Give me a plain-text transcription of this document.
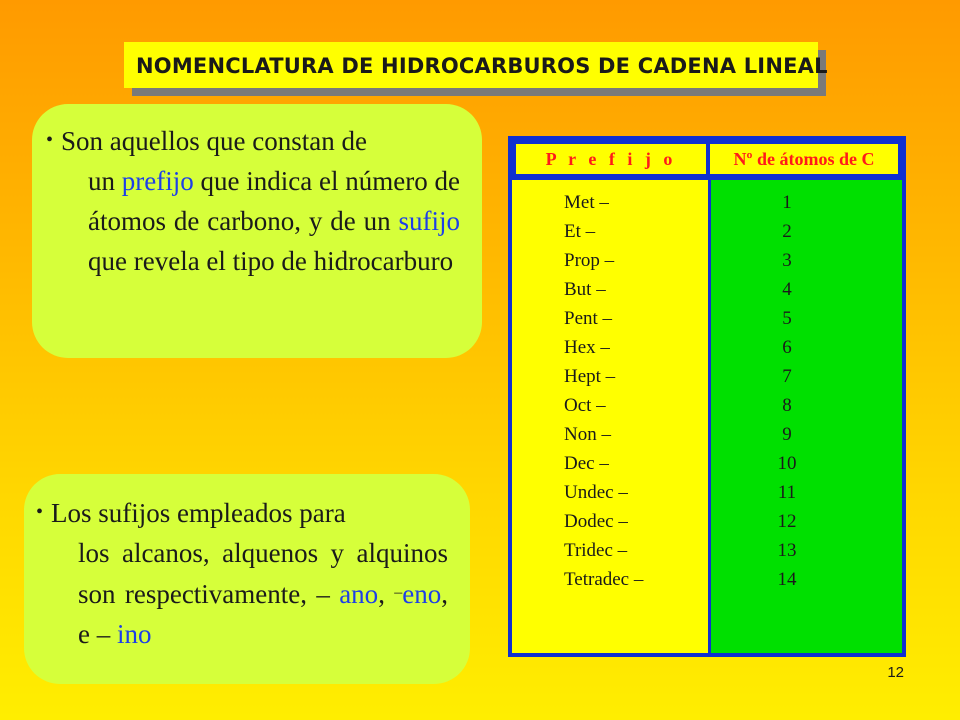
NOMENCLATURA DE HIDROCARBUROS DE CADENA LINEAL
• Son aquellos que constan de
un prefijo que indica el número de átomos de carbono, y de un sufijo que revela el tipo de hidrocarburo
• Los sufijos empleados para
los alcanos, alquenos y alquinos son respectivamente, – ano, –eno, e – ino
P r e f i j o	Nº de átomos de C
Met –	1
Et –	2
Prop –	3
But –	4
Pent –	5
Hex –	6
Hept –	7
Oct –	8
Non –	9
Dec –	10
Undec –	11
Dodec –	12
Tridec –	13
Tetradec –	14
12
